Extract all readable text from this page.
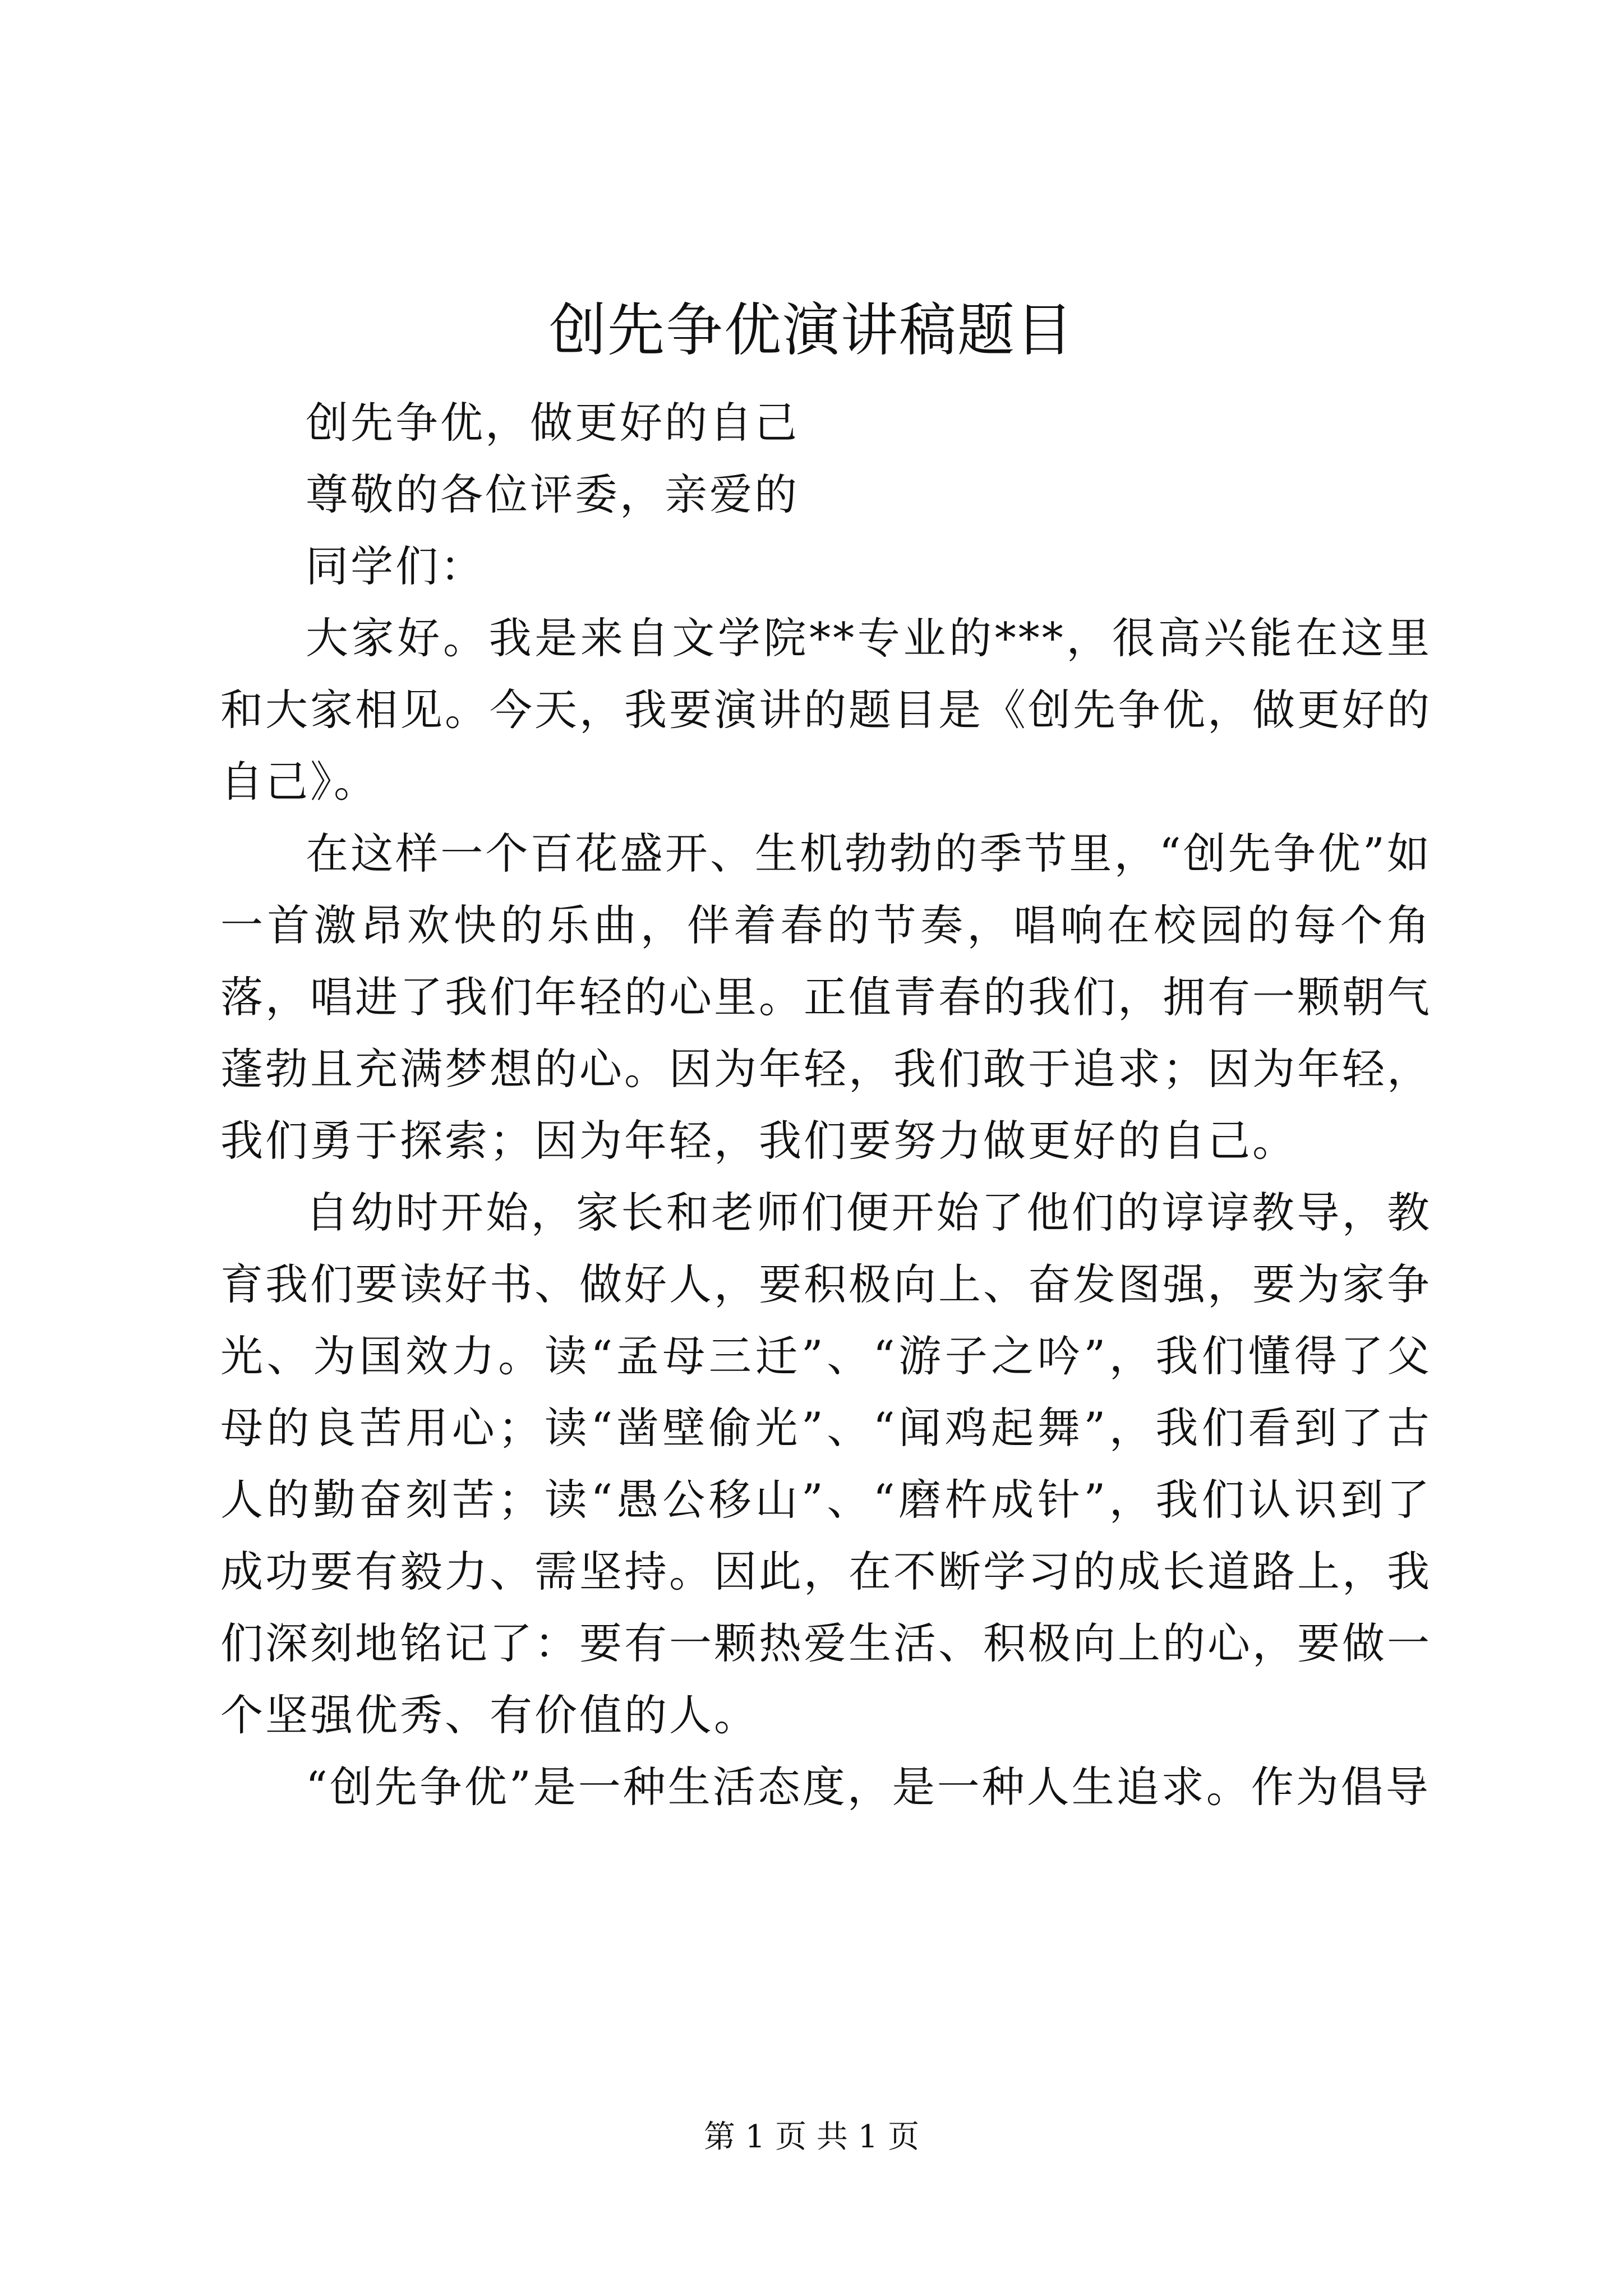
创先争优演讲稿题目

创先争优，做更好的自己

尊敬的各位评委，亲爱的

同学们：

大家好。我是来自文学院**专业的***，很高兴能在这里和大家相见。今天，我要演讲的题目是《创先争优，做更好的自己》。

在这样一个百花盛开、生机勃勃的季节里，“创先争优”如一首激昂欢快的乐曲，伴着春的节奏，唱响在校园的每个角落，唱进了我们年轻的心里。正值青春的我们，拥有一颗朝气蓬勃且充满梦想的心。因为年轻，我们敢于追求；因为年轻，我们勇于探索；因为年轻，我们要努力做更好的自己。

自幼时开始，家长和老师们便开始了他们的谆谆教导，教育我们要读好书、做好人，要积极向上、奋发图强，要为家争光、为国效力。读“孟母三迁”、“游子之吟”，我们懂得了父母的良苦用心；读“凿壁偷光”、“闻鸡起舞”，我们看到了古人的勤奋刻苦；读“愚公移山”、“磨杵成针”，我们认识到了成功要有毅力、需坚持。因此，在不断学习的成长道路上，我们深刻地铭记了：要有一颗热爱生活、积极向上的心，要做一个坚强优秀、有价值的人。

“创先争优”是一种生活态度，是一种人生追求。作为倡导

第 1 页 共 1 页
